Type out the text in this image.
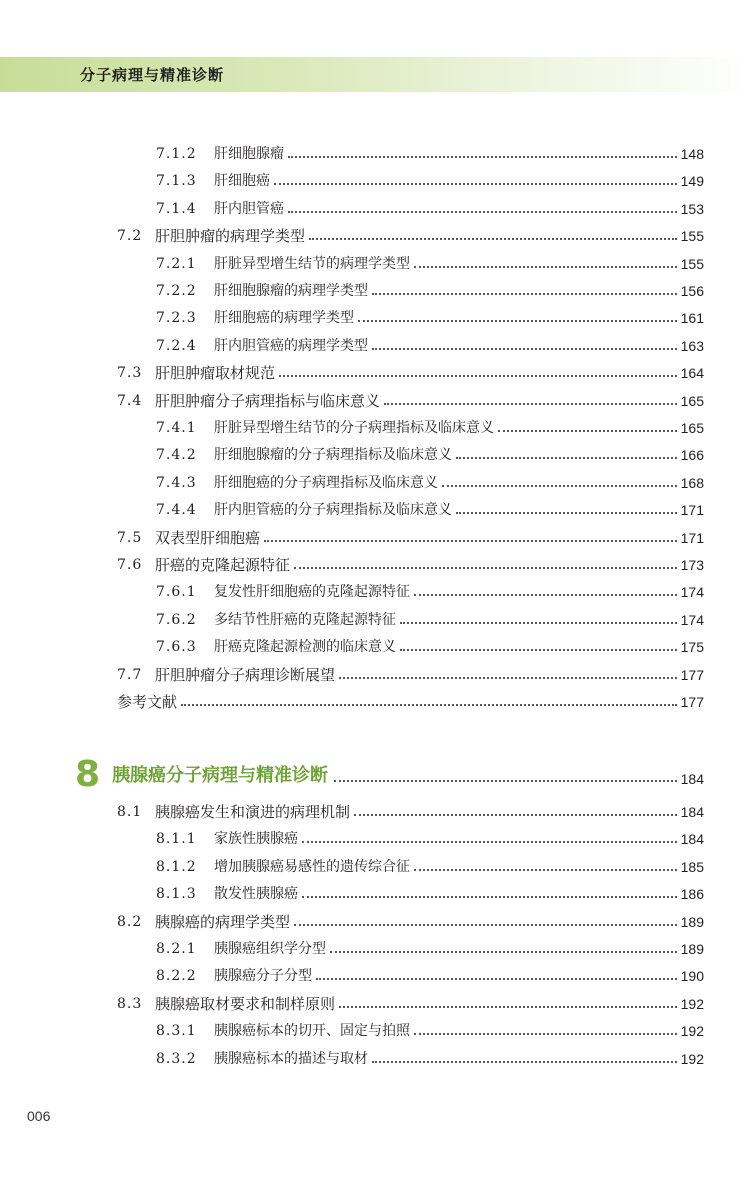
分子病理与精准诊断
7.1.2	肝细胞腺瘤	148
7.1.3	肝细胞癌	149
7.1.4	肝内胆管癌	153
7.2 肝胆肿瘤的病理学类型	155
7.2.1	肝脏异型增生结节的病理学类型	155
7.2.2	肝细胞腺瘤的病理学类型	156
7.2.3	肝细胞癌的病理学类型	161
7.2.4	肝内胆管癌的病理学类型	163
7.3 肝胆肿瘤取材规范	164
7.4 肝胆肿瘤分子病理指标与临床意义	165
7.4.1	肝脏异型增生结节的分子病理指标及临床意义	165
7.4.2	肝细胞腺瘤的分子病理指标及临床意义	166
7.4.3	肝细胞癌的分子病理指标及临床意义	168
7.4.4	肝内胆管癌的分子病理指标及临床意义	171
7.5 双表型肝细胞癌	171
7.6 肝癌的克隆起源特征	173
7.6.1	复发性肝细胞癌的克隆起源特征	174
7.6.2	多结节性肝癌的克隆起源特征	174
7.6.3	肝癌克隆起源检测的临床意义	175
7.7 肝胆肿瘤分子病理诊断展望	177
参考文献	177
8 胰腺癌分子病理与精准诊断	184
8.1 胰腺癌发生和演进的病理机制	184
8.1.1	家族性胰腺癌	184
8.1.2	增加胰腺癌易感性的遗传综合征	185
8.1.3	散发性胰腺癌	186
8.2 胰腺癌的病理学类型	189
8.2.1	胰腺癌组织学分型	189
8.2.2	胰腺癌分子分型	190
8.3 胰腺癌取材要求和制样原则	192
8.3.1	胰腺癌标本的切开、固定与拍照	192
8.3.2	胰腺癌标本的描述与取材	192
006
